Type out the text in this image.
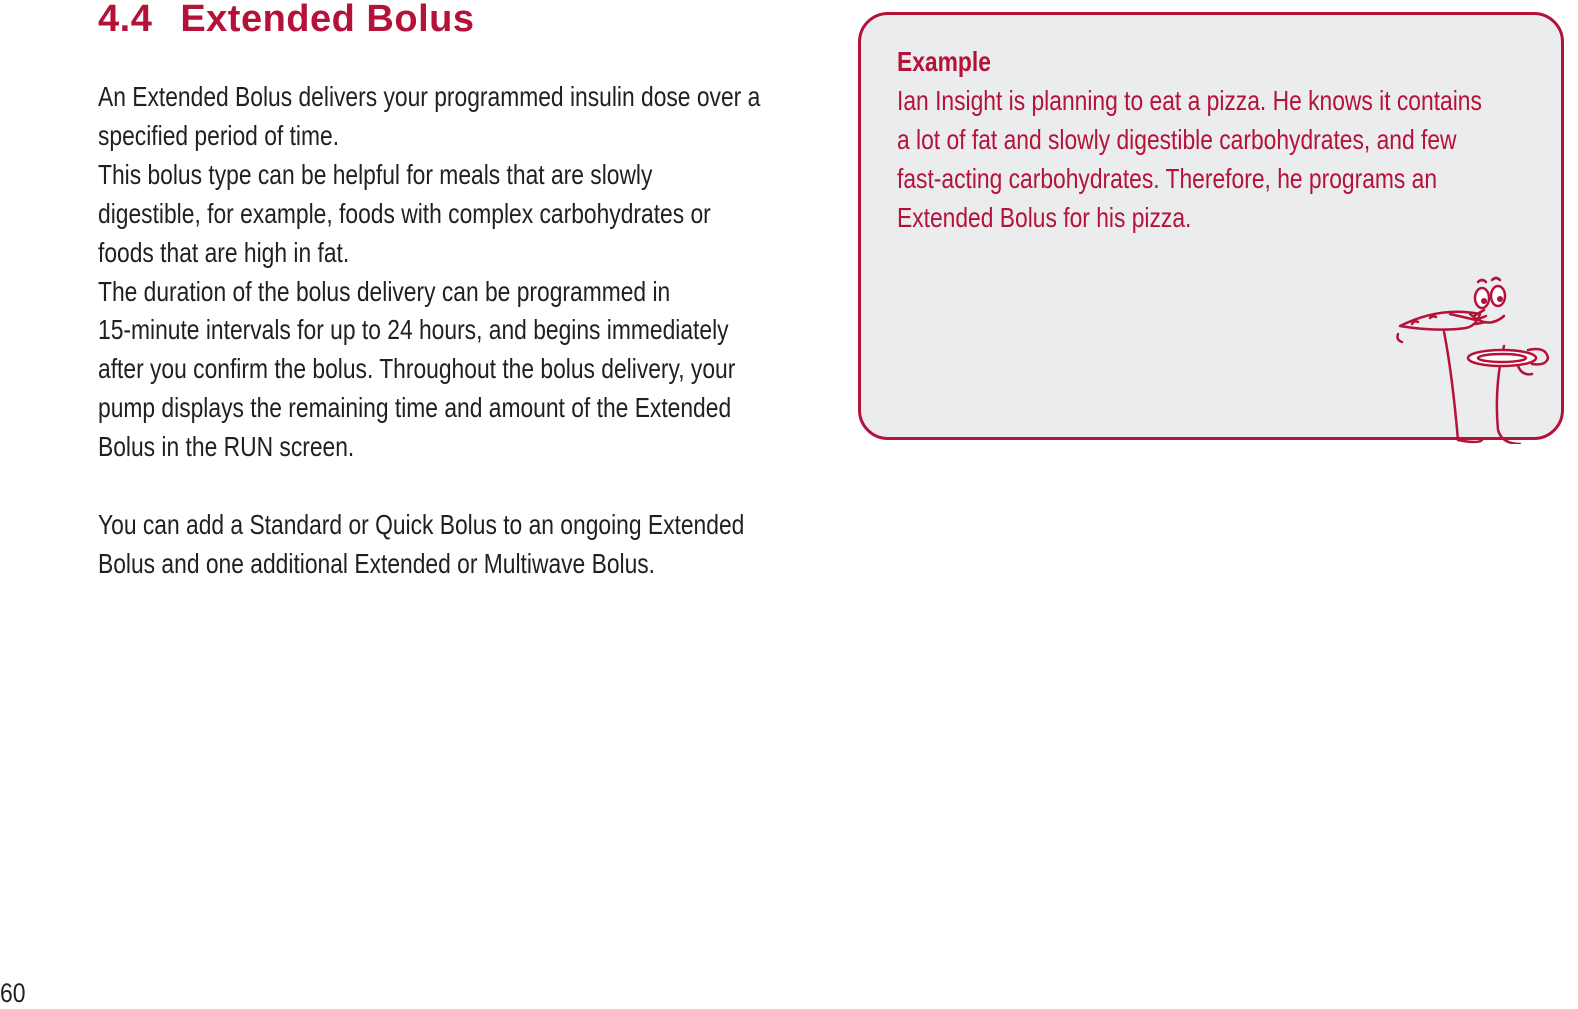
4.4 Extended Bolus

An Extended Bolus delivers your programmed insulin dose over a

specified period of time.

This bolus type can be helpful for meals that are slowly

digestible, for example, foods with complex carbohydrates or

foods that are high in fat.

The duration of the bolus delivery can be programmed in

15-minute intervals for up to 24 hours, and begins immediately

after you confirm the bolus. Throughout the bolus delivery, your

pump displays the remaining time and amount of the Extended

Bolus in the RUN screen.

You can add a Standard or Quick Bolus to an ongoing Extended

Bolus and one additional Extended or Multiwave Bolus.

Example

Ian Insight is planning to eat a pizza. He knows it contains

a lot of fat and slowly digestible carbohydrates, and few

fast-acting carbohydrates. Therefore, he programs an

Extended Bolus for his pizza.

60
